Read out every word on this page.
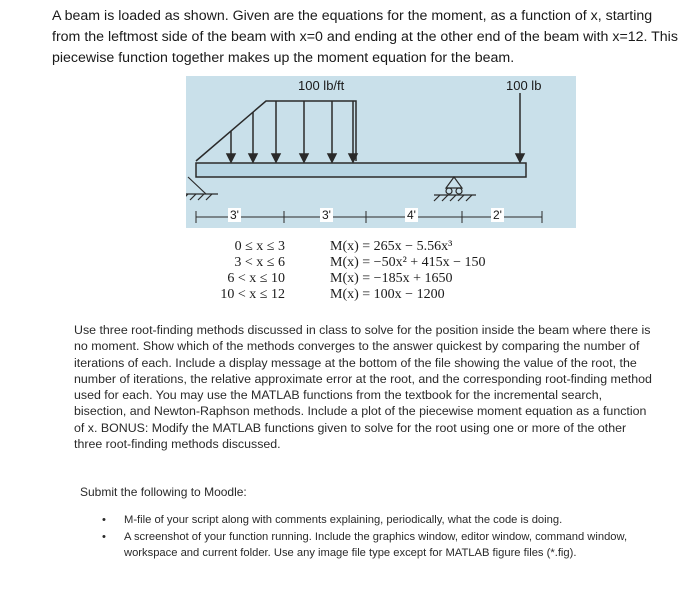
A beam is loaded as shown. Given are the equations for the moment, as a function of x, starting from the leftmost side of the beam with x=0 and ending at the other end of the beam with x=12. This piecewise function together makes up the moment equation for the beam.

100 lb/ft	100 lb
3'	3'	4'	2'
0 ≤ x ≤ 3	M(x) = 265x − 5.56x³
3 < x ≤ 6	M(x) = −50x² + 415x − 150
6 < x ≤ 10	M(x) = −185x + 1650
10 < x ≤ 12	M(x) = 100x − 1200

Use three root-finding methods discussed in class to solve for the position inside the beam where there is no moment. Show which of the methods converges to the answer quickest by comparing the number of iterations of each. Include a display message at the bottom of the file showing the value of the root, the number of iterations, the relative approximate error at the root, and the corresponding root-finding method used for each. You may use the MATLAB functions from the textbook for the incremental search, bisection, and Newton-Raphson methods. Include a plot of the piecewise moment equation as a function of x. BONUS: Modify the MATLAB functions given to solve for the root using one or more of the other three root-finding methods discussed.

Submit the following to Moodle:

• M-file of your script along with comments explaining, periodically, what the code is doing.
• A screenshot of your function running. Include the graphics window, editor window, command window, workspace and current folder. Use any image file type except for MATLAB figure files (*.fig).
